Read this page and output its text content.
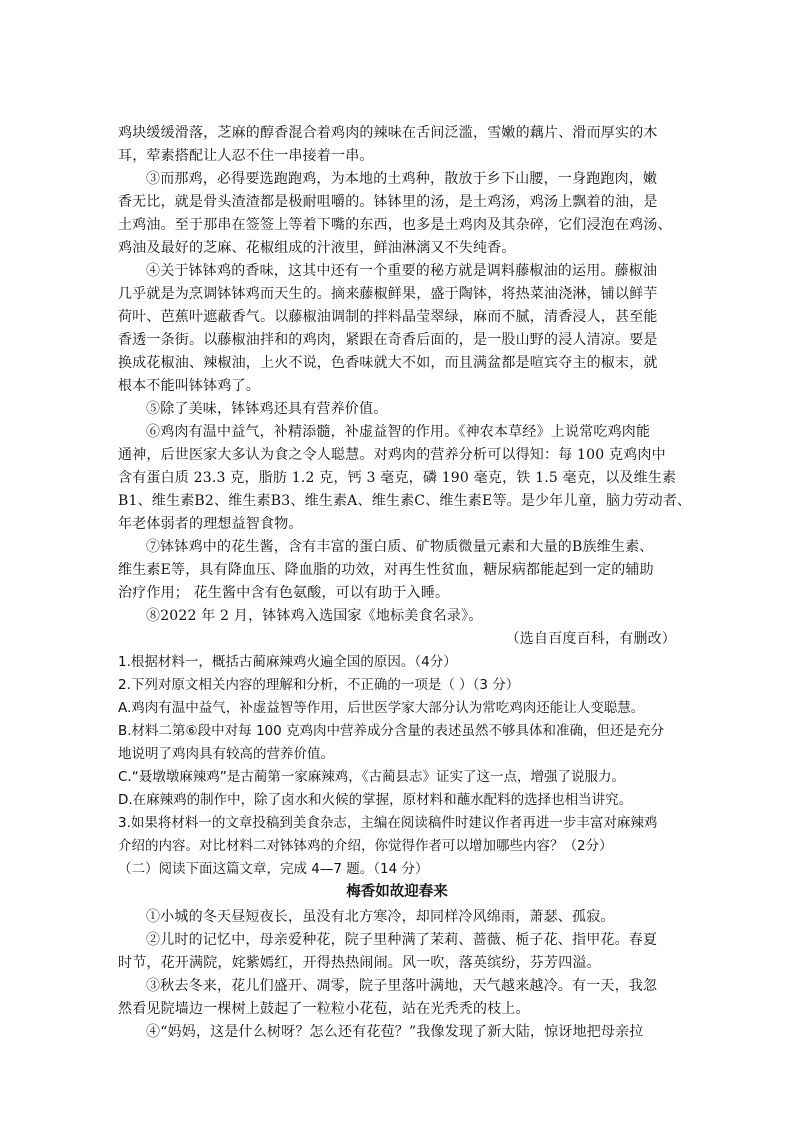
鸡块缓缓滑落，芝麻的醇香混合着鸡肉的辣味在舌间泛滥，雪嫩的藕片、滑而厚实的木
耳，荤素搭配让人忍不住一串接着一串。
③而那鸡，必得要选跑跑鸡，为本地的土鸡种，散放于乡下山腰，一身跑跑肉，嫩
香无比，就是骨头渣渣都是极耐咀嚼的。钵钵里的汤，是土鸡汤，鸡汤上飘着的油，是
土鸡油。至于那串在签签上等着下嘴的东西，也多是土鸡肉及其杂碎，它们浸泡在鸡汤、
鸡油及最好的芝麻、花椒组成的汁液里，鲜油淋漓又不失纯香。
④关于钵钵鸡的香味，这其中还有一个重要的秘方就是调料藤椒油的运用。藤椒油
几乎就是为烹调钵钵鸡而天生的。摘来藤椒鲜果，盛于陶钵，将热菜油浇淋，铺以鲜芋
荷叶、芭蕉叶遮蔽香气。以藤椒油调制的拌料晶莹翠绿，麻而不腻，清香浸人，甚至能
香透一条街。以藤椒油拌和的鸡肉，紧跟在奇香后面的，是一股山野的浸人清凉。要是
换成花椒油、辣椒油，上火不说，色香味就大不如，而且满盆都是喧宾夺主的椒末，就
根本不能叫钵钵鸡了。
⑤除了美味，钵钵鸡还具有营养价值。
⑥鸡肉有温中益气，补精添髓，补虚益智的作用。《神农本草经》上说常吃鸡肉能
通神，后世医家大多认为食之令人聪慧。对鸡肉的营养分析可以得知：每 100 克鸡肉中
含有蛋白质 23.3 克，脂肪 1.2 克，钙 3 毫克，磷 190 毫克，铁 1.5 毫克，以及维生素
B1、维生素B2、维生素B3、维生素A、维生素C、维生素E等。是少年儿童，脑力劳动者、
年老体弱者的理想益智食物。
⑦钵钵鸡中的花生酱，含有丰富的蛋白质、矿物质微量元素和大量的B族维生素、
维生素E等，具有降血压、降血脂的功效，对再生性贫血，糖尿病都能起到一定的辅助
治疗作用； 花生酱中含有色氨酸，可以有助于入睡。
⑧2022 年 2 月，钵钵鸡入选国家《地标美食名录》。
（选自百度百科，有删改）
1.根据材料一，概括古蔺麻辣鸡火遍全国的原因。（4分）
2.下列对原文相关内容的理解和分析，不正确的一项是（ ）（3 分）
A.鸡肉有温中益气，补虚益智等作用，后世医学家大部分认为常吃鸡肉还能让人变聪慧。
B.材料二第⑥段中对每 100 克鸡肉中营养成分含量的表述虽然不够具体和准确，但还是充分
地说明了鸡肉具有较高的营养价值。
C.“聂墩墩麻辣鸡”是古蔺第一家麻辣鸡，《古蔺县志》证实了这一点，增强了说服力。
D.在麻辣鸡的制作中，除了卤水和火候的掌握，原材料和蘸水配料的选择也相当讲究。
3.如果将材料一的文章投稿到美食杂志，主编在阅读稿件时建议作者再进一步丰富对麻辣鸡
介绍的内容。对比材料二对钵钵鸡的介绍，你觉得作者可以增加哪些内容？（2分）
（二）阅读下面这篇文章，完成 4—7 题。（14 分）
梅香如故迎春来
①小城的冬天昼短夜长，虽没有北方寒冷，却同样冷风绵雨，萧瑟、孤寂。
②儿时的记忆中，母亲爱种花，院子里种满了茉莉、蔷薇、栀子花、指甲花。春夏
时节，花开满院，姹紫嫣红，开得热热闹闹。风一吹，落英缤纷，芬芳四溢。
③秋去冬来，花儿们盛开、凋零，院子里落叶满地，天气越来越冷。有一天，我忽
然看见院墙边一棵树上鼓起了一粒粒小花苞，站在光秃秃的枝上。
④“妈妈，这是什么树呀？怎么还有花苞？”我像发现了新大陆，惊讶地把母亲拉
